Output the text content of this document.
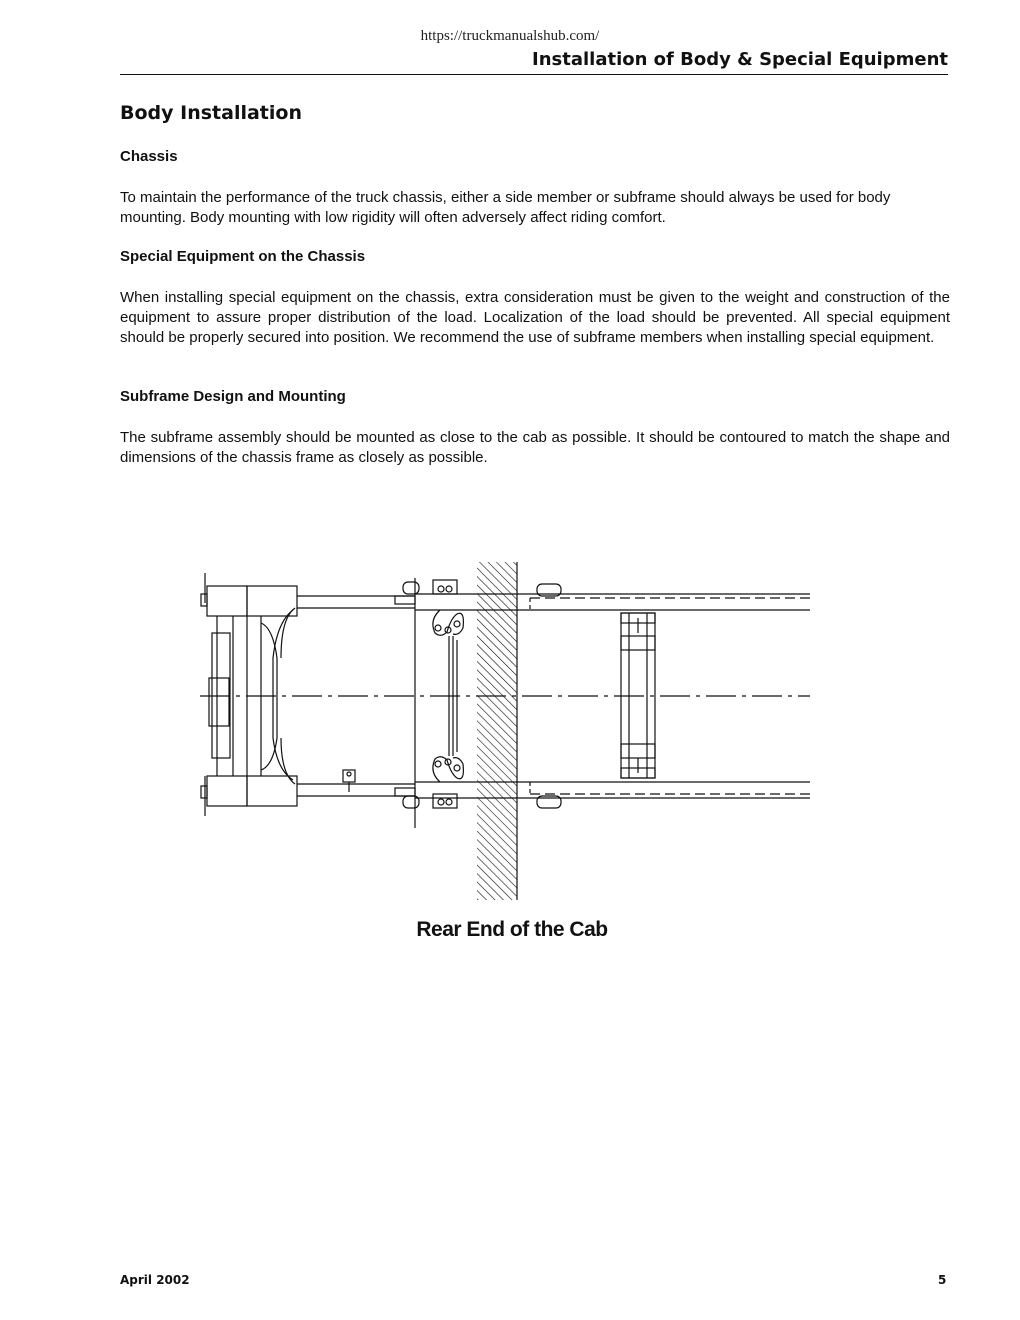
https://truckmanualshub.com/
Installation of Body & Special Equipment
Body Installation
Chassis

To maintain the performance of the truck chassis, either a side member or subframe should always be used for body mounting. Body mounting with low rigidity will often adversely affect riding comfort.

Special Equipment on the Chassis

When installing special equipment on the chassis, extra consideration must be given to the weight and construction of the equipment to assure proper distribution of the load. Localization of the load should be prevented. All special equipment should be properly secured into position. We recommend the use of subframe members when installing special equipment.

Subframe Design and Mounting

The subframe assembly should be mounted as close to the cab as possible. It should be contoured to match the shape and dimensions of the chassis frame as closely as possible.

Rear End of the Cab
April 2002	5
